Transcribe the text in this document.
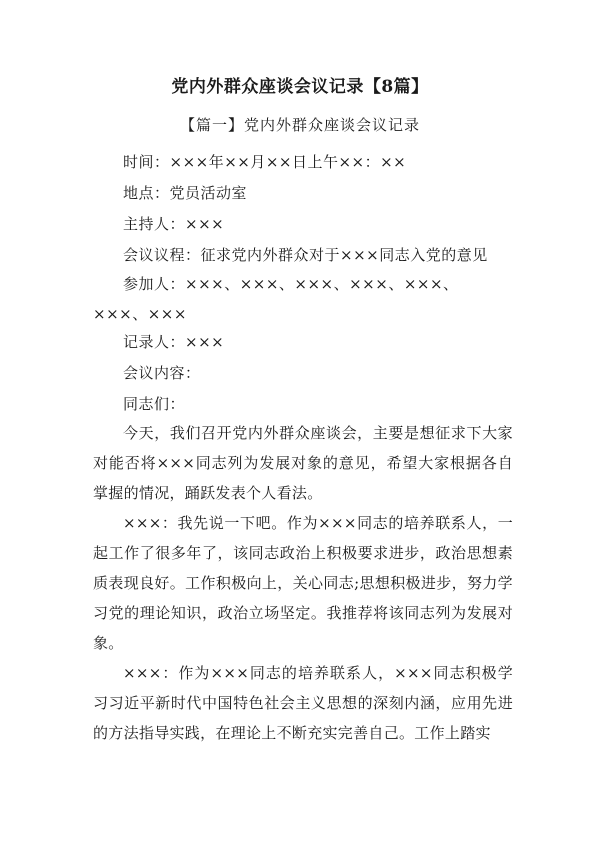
党内外群众座谈会议记录【8篇】
【篇一】党内外群众座谈会议记录
时间：×××年××月××日上午××：××
地点：党员活动室
主持人：×××
会议议程：征求党内外群众对于×××同志入党的意见
参加人：×××、×××、×××、×××、×××、×××、×××
记录人：×××
会议内容：
同志们：
今天，我们召开党内外群众座谈会，主要是想征求下大家对能否将×××同志列为发展对象的意见，希望大家根据各自掌握的情况，踊跃发表个人看法。
×××：我先说一下吧。作为×××同志的培养联系人，一起工作了很多年了，该同志政治上积极要求进步，政治思想素质表现良好。工作积极向上，关心同志;思想积极进步，努力学习党的理论知识，政治立场坚定。我推荐将该同志列为发展对象。
×××：作为×××同志的培养联系人，×××同志积极学习习近平新时代中国特色社会主义思想的深刻内涵，应用先进的方法指导实践，在理论上不断充实完善自己。工作上踏实
